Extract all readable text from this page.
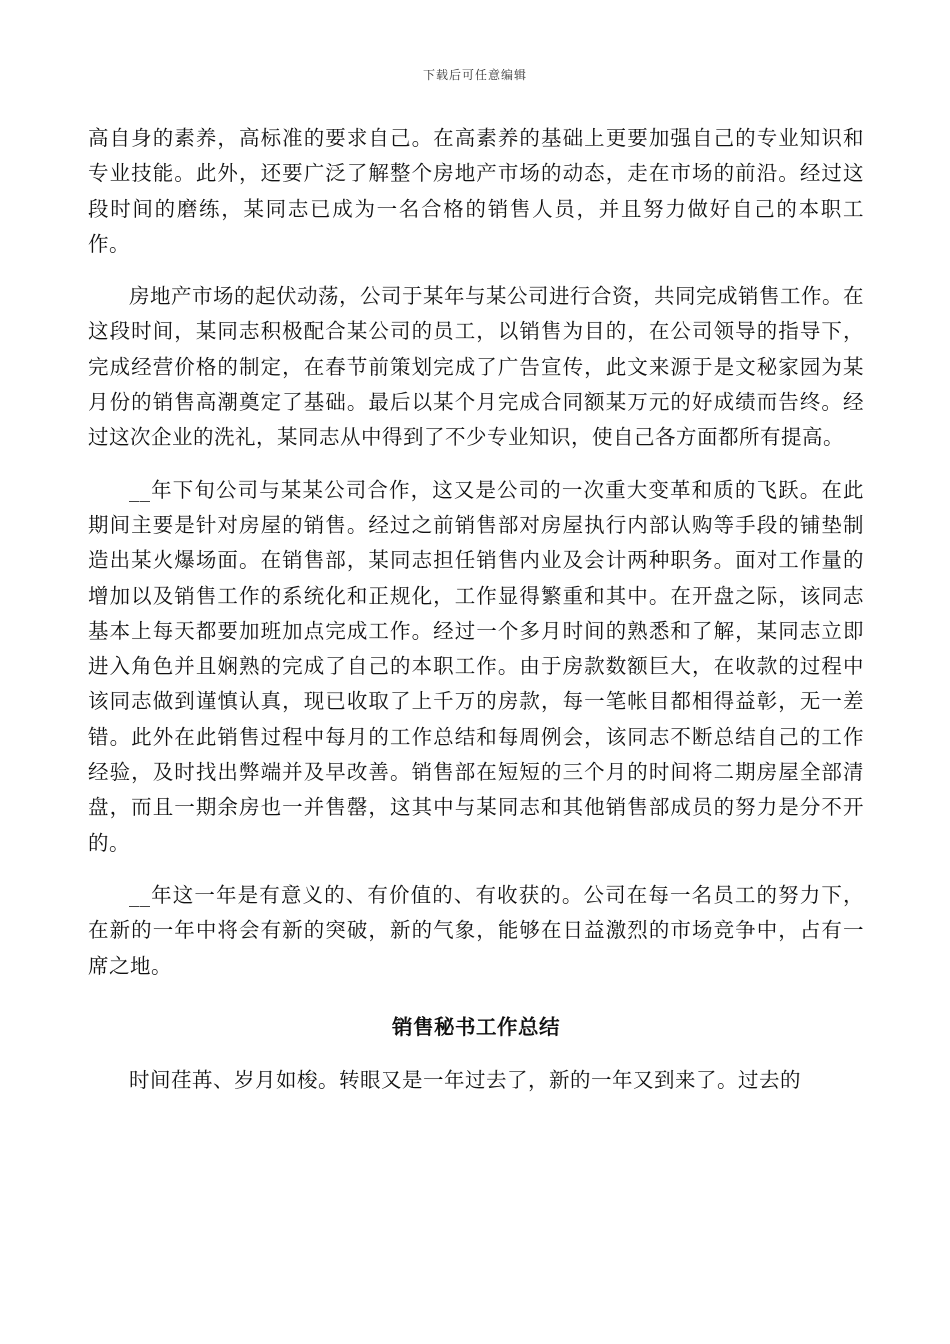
下载后可任意编辑

高自身的素养，高标准的要求自己。在高素养的基础上更要加强自己的专业知识和专业技能。此外，还要广泛了解整个房地产市场的动态，走在市场的前沿。经过这段时间的磨练，某同志已成为一名合格的销售人员，并且努力做好自己的本职工作。

房地产市场的起伏动荡，公司于某年与某公司进行合资，共同完成销售工作。在这段时间，某同志积极配合某公司的员工，以销售为目的，在公司领导的指导下，完成经营价格的制定，在春节前策划完成了广告宣传，此文来源于是文秘家园为某月份的销售高潮奠定了基础。最后以某个月完成合同额某万元的好成绩而告终。经过这次企业的洗礼，某同志从中得到了不少专业知识，使自己各方面都所有提高。

__年下旬公司与某某公司合作，这又是公司的一次重大变革和质的飞跃。在此期间主要是针对房屋的销售。经过之前销售部对房屋执行内部认购等手段的铺垫制造出某火爆场面。在销售部，某同志担任销售内业及会计两种职务。面对工作量的增加以及销售工作的系统化和正规化，工作显得繁重和其中。在开盘之际，该同志基本上每天都要加班加点完成工作。经过一个多月时间的熟悉和了解，某同志立即进入角色并且娴熟的完成了自己的本职工作。由于房款数额巨大，在收款的过程中该同志做到谨慎认真，现已收取了上千万的房款，每一笔帐目都相得益彰，无一差错。此外在此销售过程中每月的工作总结和每周例会，该同志不断总结自己的工作经验，及时找出弊端并及早改善。销售部在短短的三个月的时间将二期房屋全部清盘，而且一期余房也一并售罄，这其中与某同志和其他销售部成员的努力是分不开的。

__年这一年是有意义的、有价值的、有收获的。公司在每一名员工的努力下，在新的一年中将会有新的突破，新的气象，能够在日益激烈的市场竞争中，占有一席之地。

销售秘书工作总结

时间荏苒、岁月如梭。转眼又是一年过去了，新的一年又到来了。过去的
